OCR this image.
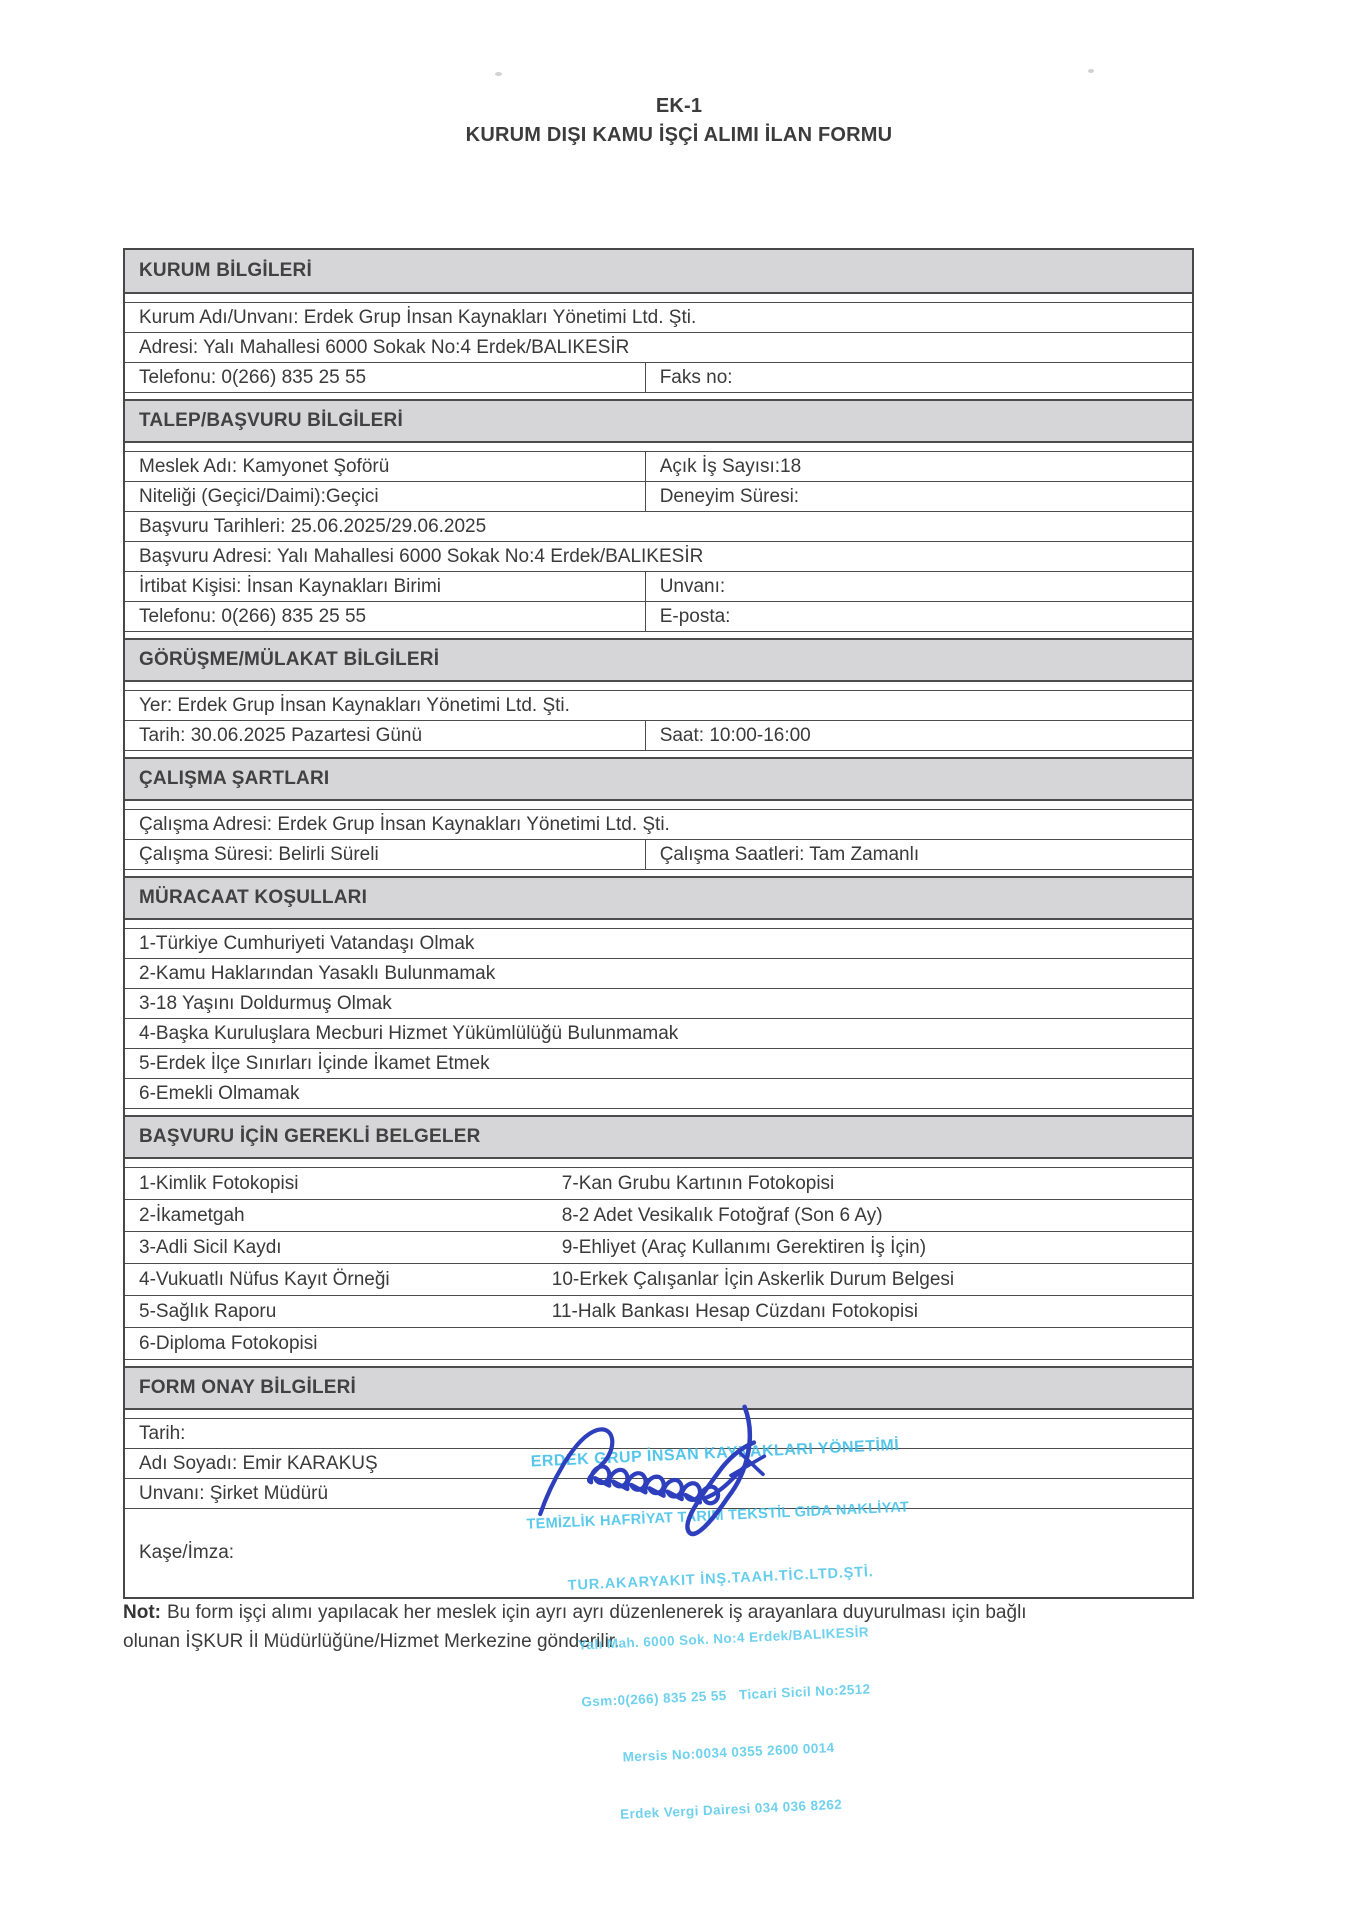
EK-1
KURUM DIŞI KAMU İŞÇİ ALIMI İLAN FORMU
KURUM BİLGİLERİ
Kurum Adı/Unvanı: Erdek Grup İnsan Kaynakları Yönetimi Ltd. Şti.
Adresi: Yalı Mahallesi 6000 Sokak No:4 Erdek/BALIKESİR
Telefonu: 0(266) 835 25 55	Faks no:
TALEP/BAŞVURU BİLGİLERİ
Meslek Adı: Kamyonet Şoförü	Açık İş Sayısı:18
Niteliği (Geçici/Daimi):Geçici	Deneyim Süresi:
Başvuru Tarihleri: 25.06.2025/29.06.2025
Başvuru Adresi: Yalı Mahallesi 6000 Sokak No:4 Erdek/BALIKESİR
İrtibat Kişisi: İnsan Kaynakları Birimi	Unvanı:
Telefonu: 0(266) 835 25 55	E-posta:
GÖRÜŞME/MÜLAKAT BİLGİLERİ
Yer: Erdek Grup İnsan Kaynakları Yönetimi Ltd. Şti.
Tarih: 30.06.2025 Pazartesi Günü	Saat: 10:00-16:00
ÇALIŞMA ŞARTLARI
Çalışma Adresi: Erdek Grup İnsan Kaynakları Yönetimi Ltd. Şti.
Çalışma Süresi: Belirli Süreli	Çalışma Saatleri: Tam Zamanlı
MÜRACAAT KOŞULLARI
1-Türkiye Cumhuriyeti Vatandaşı Olmak
2-Kamu Haklarından Yasaklı Bulunmamak
3-18 Yaşını Doldurmuş Olmak
4-Başka Kuruluşlara Mecburi Hizmet Yükümlülüğü Bulunmamak
5-Erdek İlçe Sınırları İçinde İkamet Etmek
6-Emekli Olmamak
BAŞVURU İÇİN GEREKLİ BELGELER
1-Kimlik Fotokopisi	7-Kan Grubu Kartının Fotokopisi
2-İkametgah	8-2 Adet Vesikalık Fotoğraf (Son 6 Ay)
3-Adli Sicil Kaydı	9-Ehliyet (Araç Kullanımı Gerektiren İş İçin)
4-Vukuatlı Nüfus Kayıt Örneği	10-Erkek Çalışanlar İçin Askerlik Durum Belgesi
5-Sağlık Raporu	11-Halk Bankası Hesap Cüzdanı Fotokopisi
6-Diploma Fotokopisi
FORM ONAY BİLGİLERİ
Tarih:
Adı Soyadı: Emir KARAKUŞ
Unvanı: Şirket Müdürü
Kaşe/İmza:

ERDEK GRUP İNSAN KAYNAKLARI YÖNETİMİ

TEMİZLİK HAFRİYAT TARIM TEKSTİL GIDA NAKLİYAT

TUR.AKARYAKIT İNŞ.TAAH.TİC.LTD.ŞTİ.

Yalı Mah. 6000 Sok. No:4 Erdek/BALIKESİR

Gsm:0(266) 835 25 55   Ticari Sicil No:2512

Mersis No:0034 0355 2600 0014

Erdek Vergi Dairesi 034 036 8262

Not: Bu form işçi alımı yapılacak her meslek için ayrı ayrı düzenlenerek iş arayanlara duyurulması için bağlı
olunan İŞKUR İl Müdürlüğüne/Hizmet Merkezine gönderilir.
